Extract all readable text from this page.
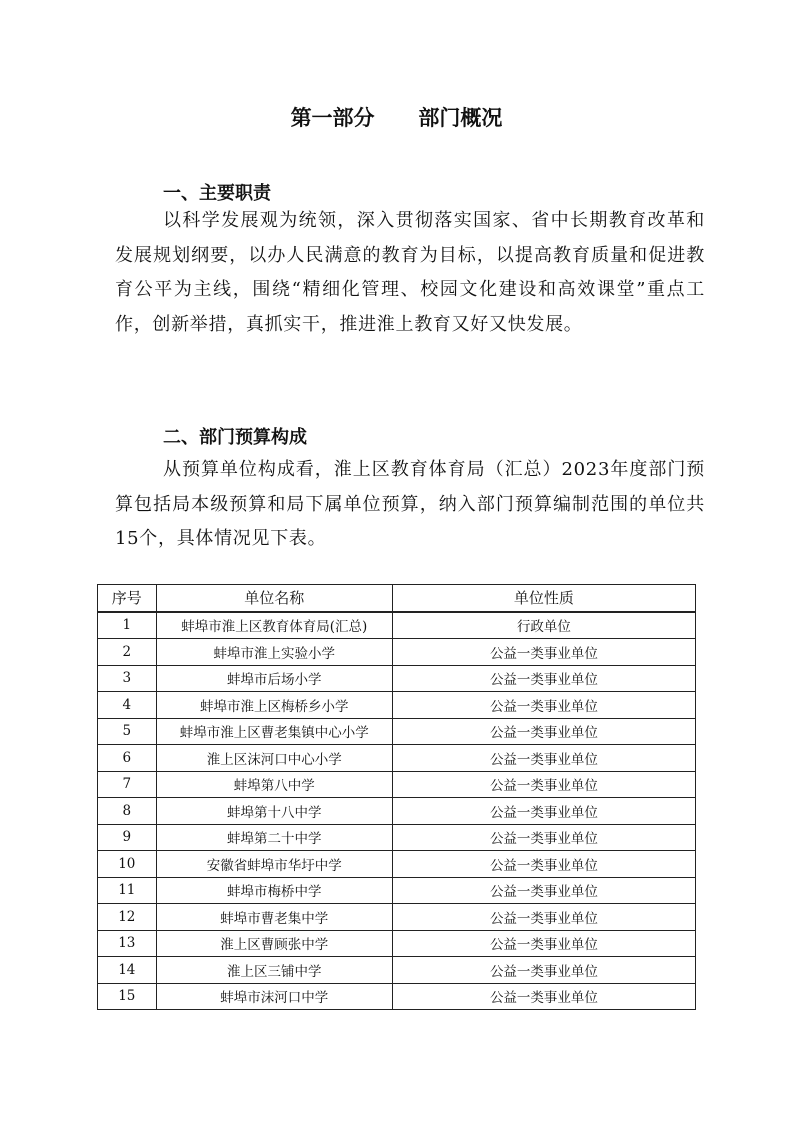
第一部分      部门概况
一、主要职责
以科学发展观为统领，深入贯彻落实国家、省中长期教育改革和发展规划纲要，以办人民满意的教育为目标，以提高教育质量和促进教育公平为主线，围绕“精细化管理、校园文化建设和高效课堂”重点工作，创新举措，真抓实干，推进淮上教育又好又快发展。
二、部门预算构成
从预算单位构成看，淮上区教育体育局（汇总）2023年度部门预算包括局本级预算和局下属单位预算，纳入部门预算编制范围的单位共15个，具体情况见下表。
序号	单位名称	单位性质
1	蚌埠市淮上区教育体育局(汇总)	行政单位
2	蚌埠市淮上实验小学	公益一类事业单位
3	蚌埠市后场小学	公益一类事业单位
4	蚌埠市淮上区梅桥乡小学	公益一类事业单位
5	蚌埠市淮上区曹老集镇中心小学	公益一类事业单位
6	淮上区沫河口中心小学	公益一类事业单位
7	蚌埠第八中学	公益一类事业单位
8	蚌埠第十八中学	公益一类事业单位
9	蚌埠第二十中学	公益一类事业单位
10	安徽省蚌埠市华圩中学	公益一类事业单位
11	蚌埠市梅桥中学	公益一类事业单位
12	蚌埠市曹老集中学	公益一类事业单位
13	淮上区曹顾张中学	公益一类事业单位
14	淮上区三铺中学	公益一类事业单位
15	蚌埠市沫河口中学	公益一类事业单位
